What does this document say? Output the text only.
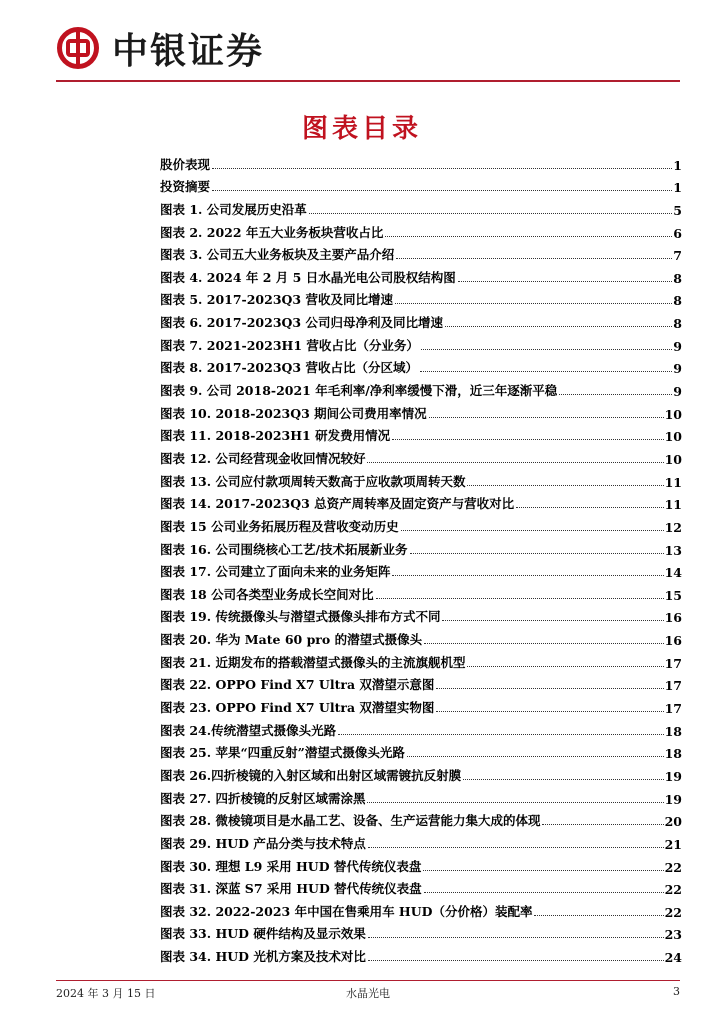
中银证券
图表目录
股价表现	1
投资摘要	1
图表 1. 公司发展历史沿革	5
图表 2. 2022 年五大业务板块营收占比	6
图表 3. 公司五大业务板块及主要产品介绍	7
图表 4. 2024 年 2 月 5 日水晶光电公司股权结构图	8
图表 5. 2017-2023Q3 营收及同比增速	8
图表 6. 2017-2023Q3 公司归母净利及同比增速	8
图表 7. 2021-2023H1 营收占比（分业务）	9
图表 8. 2017-2023Q3 营收占比（分区域）	9
图表 9. 公司 2018-2021 年毛利率/净利率缓慢下滑，近三年逐渐平稳	9
图表 10. 2018-2023Q3 期间公司费用率情况	10
图表 11. 2018-2023H1 研发费用情况	10
图表 12. 公司经营现金收回情况较好	10
图表 13. 公司应付款项周转天数高于应收款项周转天数	11
图表 14. 2017-2023Q3 总资产周转率及固定资产与营收对比	11
图表 15 公司业务拓展历程及营收变动历史	12
图表 16. 公司围绕核心工艺/技术拓展新业务	13
图表 17. 公司建立了面向未来的业务矩阵	14
图表 18 公司各类型业务成长空间对比	15
图表 19. 传统摄像头与潜望式摄像头排布方式不同	16
图表 20. 华为 Mate 60 pro 的潜望式摄像头	16
图表 21. 近期发布的搭载潜望式摄像头的主流旗舰机型	17
图表 22. OPPO Find X7 Ultra 双潜望示意图	17
图表 23. OPPO Find X7 Ultra 双潜望实物图	17
图表 24.传统潜望式摄像头光路	18
图表 25. 苹果“四重反射”潜望式摄像头光路	18
图表 26.四折棱镜的入射区域和出射区域需镀抗反射膜	19
图表 27. 四折棱镜的反射区域需涂黑	19
图表 28. 微棱镜项目是水晶工艺、设备、生产运营能力集大成的体现	20
图表 29. HUD 产品分类与技术特点	21
图表 30. 理想 L9 采用 HUD 替代传统仪表盘	22
图表 31. 深蓝 S7 采用 HUD 替代传统仪表盘	22
图表 32. 2022-2023 年中国在售乘用车 HUD（分价格）装配率	22
图表 33. HUD 硬件结构及显示效果	23
图表 34. HUD 光机方案及技术对比	24
2024 年 3 月 15 日	水晶光电	3
